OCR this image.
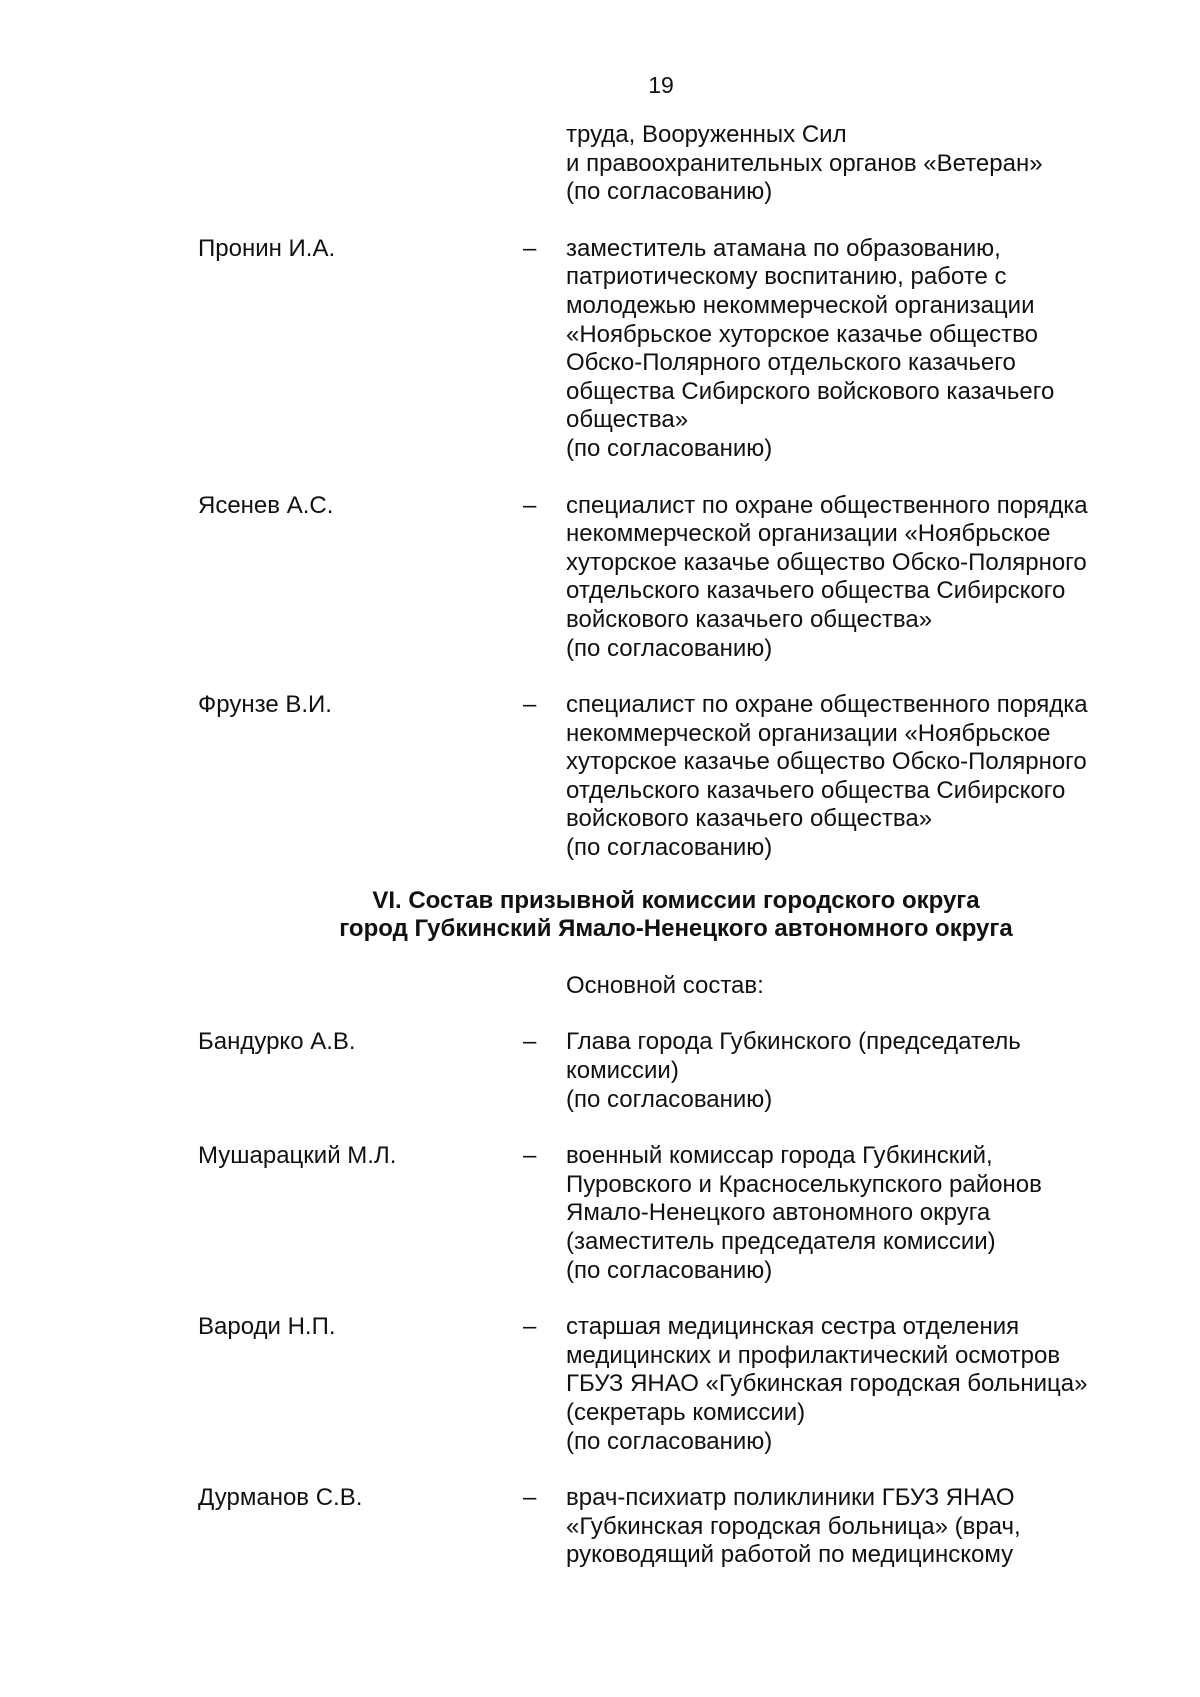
19
труда, Вооруженных Сил
и правоохранительных органов «Ветеран»
(по согласованию)
Пронин И.А.	– заместитель атамана по образованию,
патриотическому воспитанию, работе с
молодежью некоммерческой организации
«Ноябрьское хуторское казачье общество
Обско-Полярного отдельского казачьего
общества Сибирского войскового казачьего
общества»
(по согласованию)
Ясенев А.С.	– специалист по охране общественного порядка
некоммерческой организации «Ноябрьское
хуторское казачье общество Обско-Полярного
отдельского казачьего общества Сибирского
войскового казачьего общества»
(по согласованию)
Фрунзе В.И.	– специалист по охране общественного порядка
некоммерческой организации «Ноябрьское
хуторское казачье общество Обско-Полярного
отдельского казачьего общества Сибирского
войскового казачьего общества»
(по согласованию)
VI. Состав призывной комиссии городского округа
город Губкинский Ямало-Ненецкого автономного округа
Основной состав:
Бандурко А.В.	– Глава города Губкинского (председатель
комиссии)
(по согласованию)
Мушарацкий М.Л.	– военный комиссар города Губкинский,
Пуровского и Красноселькупского районов
Ямало-Ненецкого автономного округа
(заместитель председателя комиссии)
(по согласованию)
Вароди Н.П.	– старшая медицинская сестра отделения
медицинских и профилактический осмотров
ГБУЗ ЯНАО «Губкинская городская больница»
(секретарь комиссии)
(по согласованию)
Дурманов С.В.	– врач-психиатр поликлиники ГБУЗ ЯНАО
«Губкинская городская больница» (врач,
руководящий работой по медицинскому
